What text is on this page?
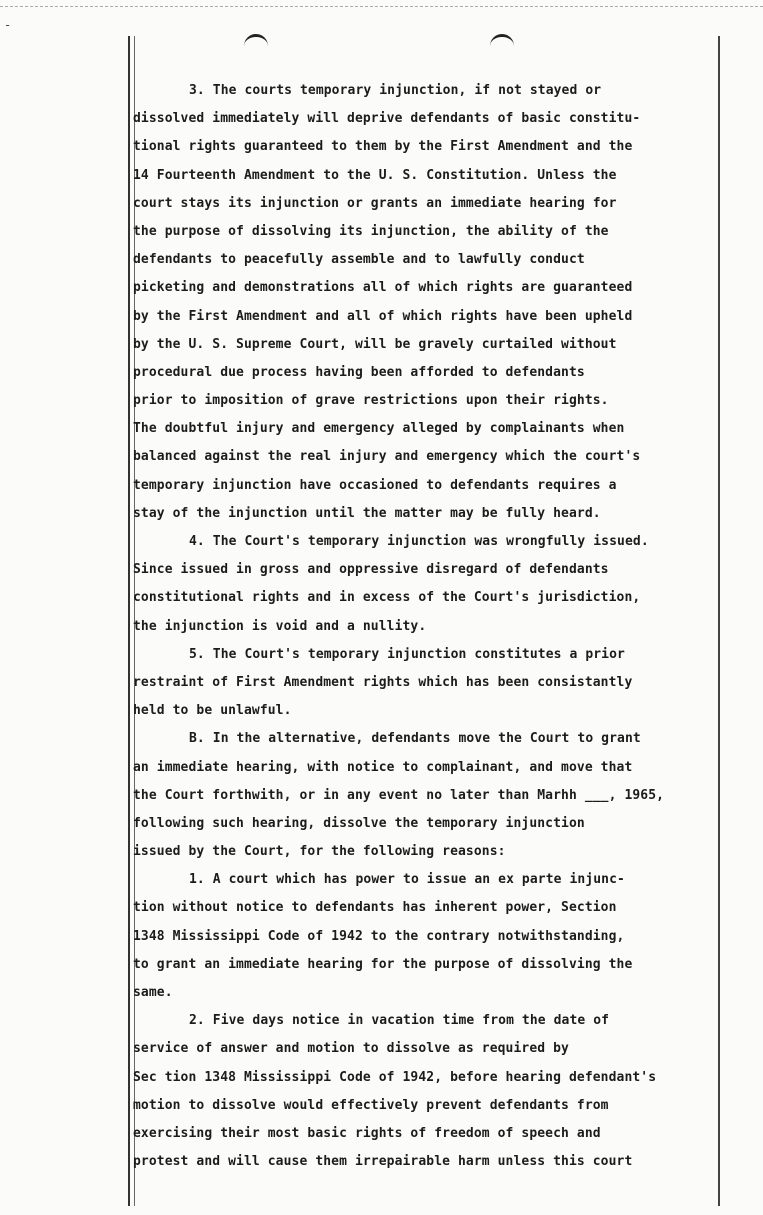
-
3. The courts temporary injunction, if not stayed or
dissolved immediately will deprive defendants of basic constitu-
tional rights guaranteed to them by the First Amendment and the
14 Fourteenth Amendment to the U. S. Constitution. Unless the
court stays its injunction or grants an immediate hearing for
the purpose of dissolving its injunction, the ability of the
defendants to peacefully assemble and to lawfully conduct
picketing and demonstrations all of which rights are guaranteed
by the First Amendment and all of which rights have been upheld
by the U. S. Supreme Court, will be gravely curtailed without
procedural due process having been afforded to defendants
prior to imposition of grave restrictions upon their rights.
The doubtful injury and emergency alleged by complainants when
balanced against the real injury and emergency which the court's
temporary injunction have occasioned to defendants requires a
stay of the injunction until the matter may be fully heard.
4. The Court's temporary injunction was wrongfully issued.
Since issued in gross and oppressive disregard of defendants
constitutional rights and in excess of the Court's jurisdiction,
the injunction is void and a nullity.
5. The Court's temporary injunction constitutes a prior
restraint of First Amendment rights which has been consistantly
held to be unlawful.
B. In the alternative, defendants move the Court to grant
an immediate hearing, with notice to complainant, and move that
the Court forthwith, or in any event no later than Marhh ___, 1965,
following such hearing, dissolve the temporary injunction
issued by the Court, for the following reasons:
1. A court which has power to issue an ex parte injunc-
tion without notice to defendants has inherent power, Section
1348 Mississippi Code of 1942 to the contrary notwithstanding,
to grant an immediate hearing for the purpose of dissolving the
same.
2. Five days notice in vacation time from the date of
service of answer and motion to dissolve as required by
Sec tion 1348 Mississippi Code of 1942, before hearing defendant's
motion to dissolve would effectively prevent defendants from
exercising their most basic rights of freedom of speech and
protest and will cause them irrepairable harm unless this court
